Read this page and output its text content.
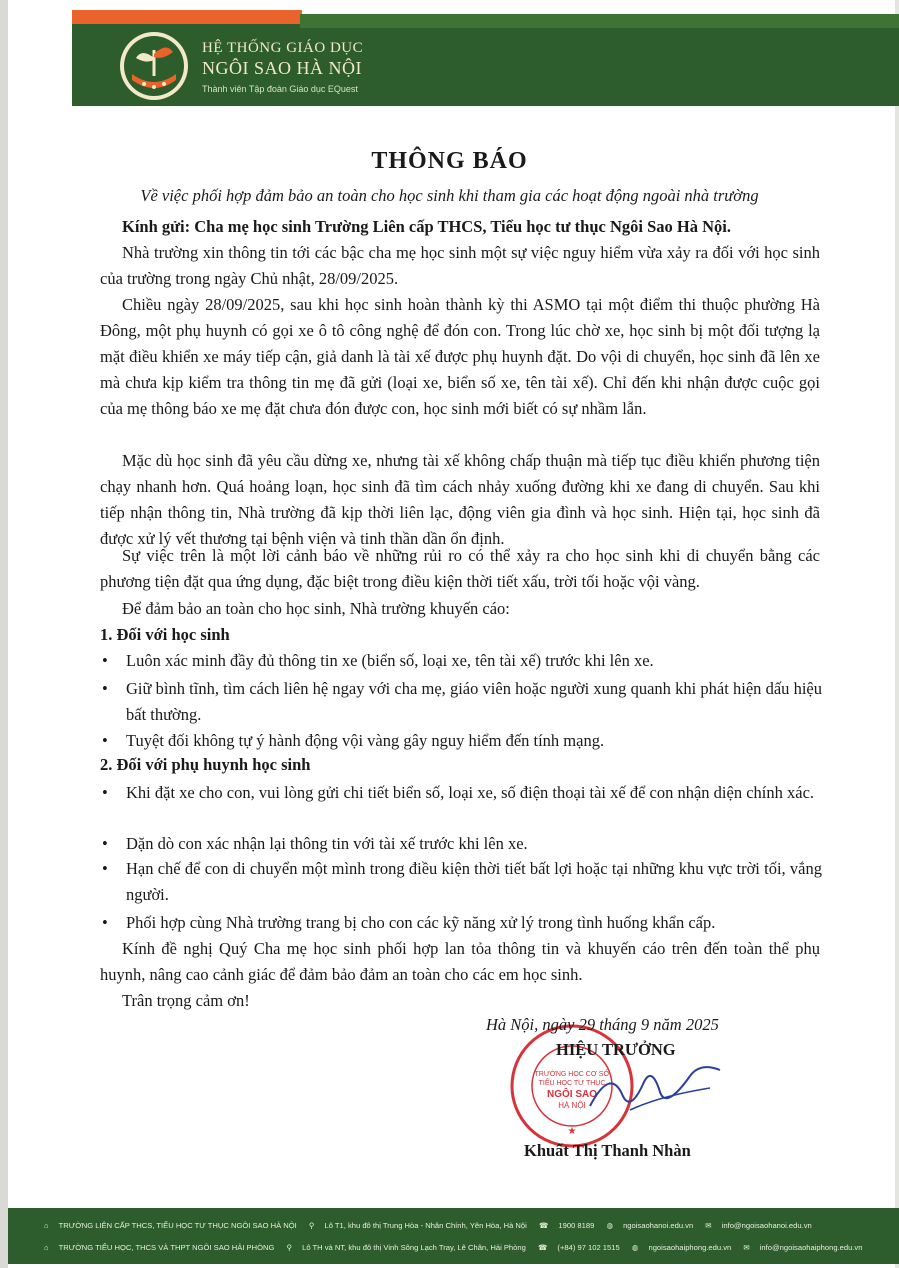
HỆ THỐNG GIÁO DỤC
NGÔI SAO HÀ NỘI
Thành viên Tập đoàn Giáo dục EQuest
THÔNG BÁO
Về việc phối hợp đảm bảo an toàn cho học sinh khi tham gia các hoạt động ngoài nhà trường
Kính gửi: Cha mẹ học sinh Trường Liên cấp THCS, Tiểu học tư thục Ngôi Sao Hà Nội.

Nhà trường xin thông tin tới các bậc cha mẹ học sinh một sự việc nguy hiểm vừa xảy ra đối với học sinh của trường trong ngày Chủ nhật, 28/09/2025.

Chiều ngày 28/09/2025, sau khi học sinh hoàn thành kỳ thi ASMO tại một điểm thi thuộc phường Hà Đông, một phụ huynh có gọi xe ô tô công nghệ để đón con. Trong lúc chờ xe, học sinh bị một đối tượng lạ mặt điều khiển xe máy tiếp cận, giả danh là tài xế được phụ huynh đặt. Do vội di chuyển, học sinh đã lên xe mà chưa kịp kiểm tra thông tin mẹ đã gửi (loại xe, biển số xe, tên tài xế). Chỉ đến khi nhận được cuộc gọi của mẹ thông báo xe mẹ đặt chưa đón được con, học sinh mới biết có sự nhầm lẫn.

Mặc dù học sinh đã yêu cầu dừng xe, nhưng tài xế không chấp thuận mà tiếp tục điều khiển phương tiện chạy nhanh hơn. Quá hoảng loạn, học sinh đã tìm cách nhảy xuống đường khi xe đang di chuyển. Sau khi tiếp nhận thông tin, Nhà trường đã kịp thời liên lạc, động viên gia đình và học sinh. Hiện tại, học sinh đã được xử lý vết thương tại bệnh viện và tinh thần dần ổn định.

Sự việc trên là một lời cảnh báo về những rủi ro có thể xảy ra cho học sinh khi di chuyển bằng các phương tiện đặt qua ứng dụng, đặc biệt trong điều kiện thời tiết xấu, trời tối hoặc vội vàng.

Để đảm bảo an toàn cho học sinh, Nhà trường khuyến cáo:

1. Đối với học sinh
•	Luôn xác minh đầy đủ thông tin xe (biển số, loại xe, tên tài xế) trước khi lên xe.
•	Giữ bình tĩnh, tìm cách liên hệ ngay với cha mẹ, giáo viên hoặc người xung quanh khi phát hiện dấu hiệu bất thường.
•	Tuyệt đối không tự ý hành động vội vàng gây nguy hiểm đến tính mạng.
2. Đối với phụ huynh học sinh
•	Khi đặt xe cho con, vui lòng gửi chi tiết biển số, loại xe, số điện thoại tài xế để con nhận diện chính xác.
•	Dặn dò con xác nhận lại thông tin với tài xế trước khi lên xe.
•	Hạn chế để con di chuyển một mình trong điều kiện thời tiết bất lợi hoặc tại những khu vực trời tối, vắng người.
•	Phối hợp cùng Nhà trường trang bị cho con các kỹ năng xử lý trong tình huống khẩn cấp.

Kính đề nghị Quý Cha mẹ học sinh phối hợp lan tỏa thông tin và khuyến cáo trên đến toàn thể phụ huynh, nâng cao cảnh giác để đảm bảo đảm an toàn cho các em học sinh.

Trân trọng cảm ơn!

TRƯỜNG HỌC CƠ SỞ
TIỂU HỌC TƯ THỤC
NGÔI SAO
HÀ NỘI
★
Hà Nội, ngày 29 tháng 9 năm 2025
HIỆU TRƯỞNG
Khuất Thị Thanh Nhàn
⌂ TRƯỜNG LIÊN CẤP THCS, TIỂU HỌC TƯ THỤC NGÔI SAO HÀ NỘI ⚲ Lô T1, khu đô thị Trung Hòa - Nhân Chính, Yên Hòa, Hà Nội ☎ 1900 8189 ◍ ngoisaohanoi.edu.vn ✉ info@ngoisaohanoi.edu.vn
⌂ TRƯỜNG TIỂU HỌC, THCS VÀ THPT NGÔI SAO HẢI PHÒNG ⚲ Lô TH và NT, khu đô thị Vinh Sông Lạch Tray, Lê Chân, Hải Phòng ☎ (+84) 97 102 1515 ◍ ngoisaohaiphong.edu.vn ✉ info@ngoisaohaiphong.edu.vn
